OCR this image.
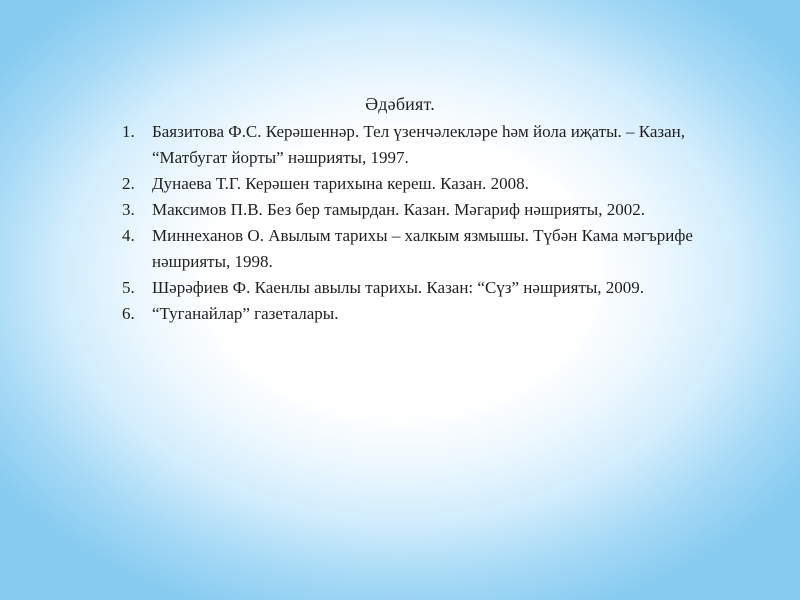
Әдәбият.
1.	Баязитова Ф.С. Керәшеннәр. Тел үзенчәлекләре һәм йола иҗаты. – Казан,
“Матбугат йорты” нәшрияты, 1997.
2.	Дунаева Т.Г. Керәшен тарихына кереш. Казан. 2008.
3.	Максимов П.В. Без бер тамырдан. Казан. Мәгариф нәшрияты, 2002.
4.	Миннеханов О. Авылым тарихы – халкым язмышы. Түбән Кама мәгърифе
нәшрияты, 1998.
5.	Шәрәфиев Ф. Каенлы авылы тарихы. Казан: “Сүз” нәшрияты, 2009.
6.	“Туганайлар” газеталары.
